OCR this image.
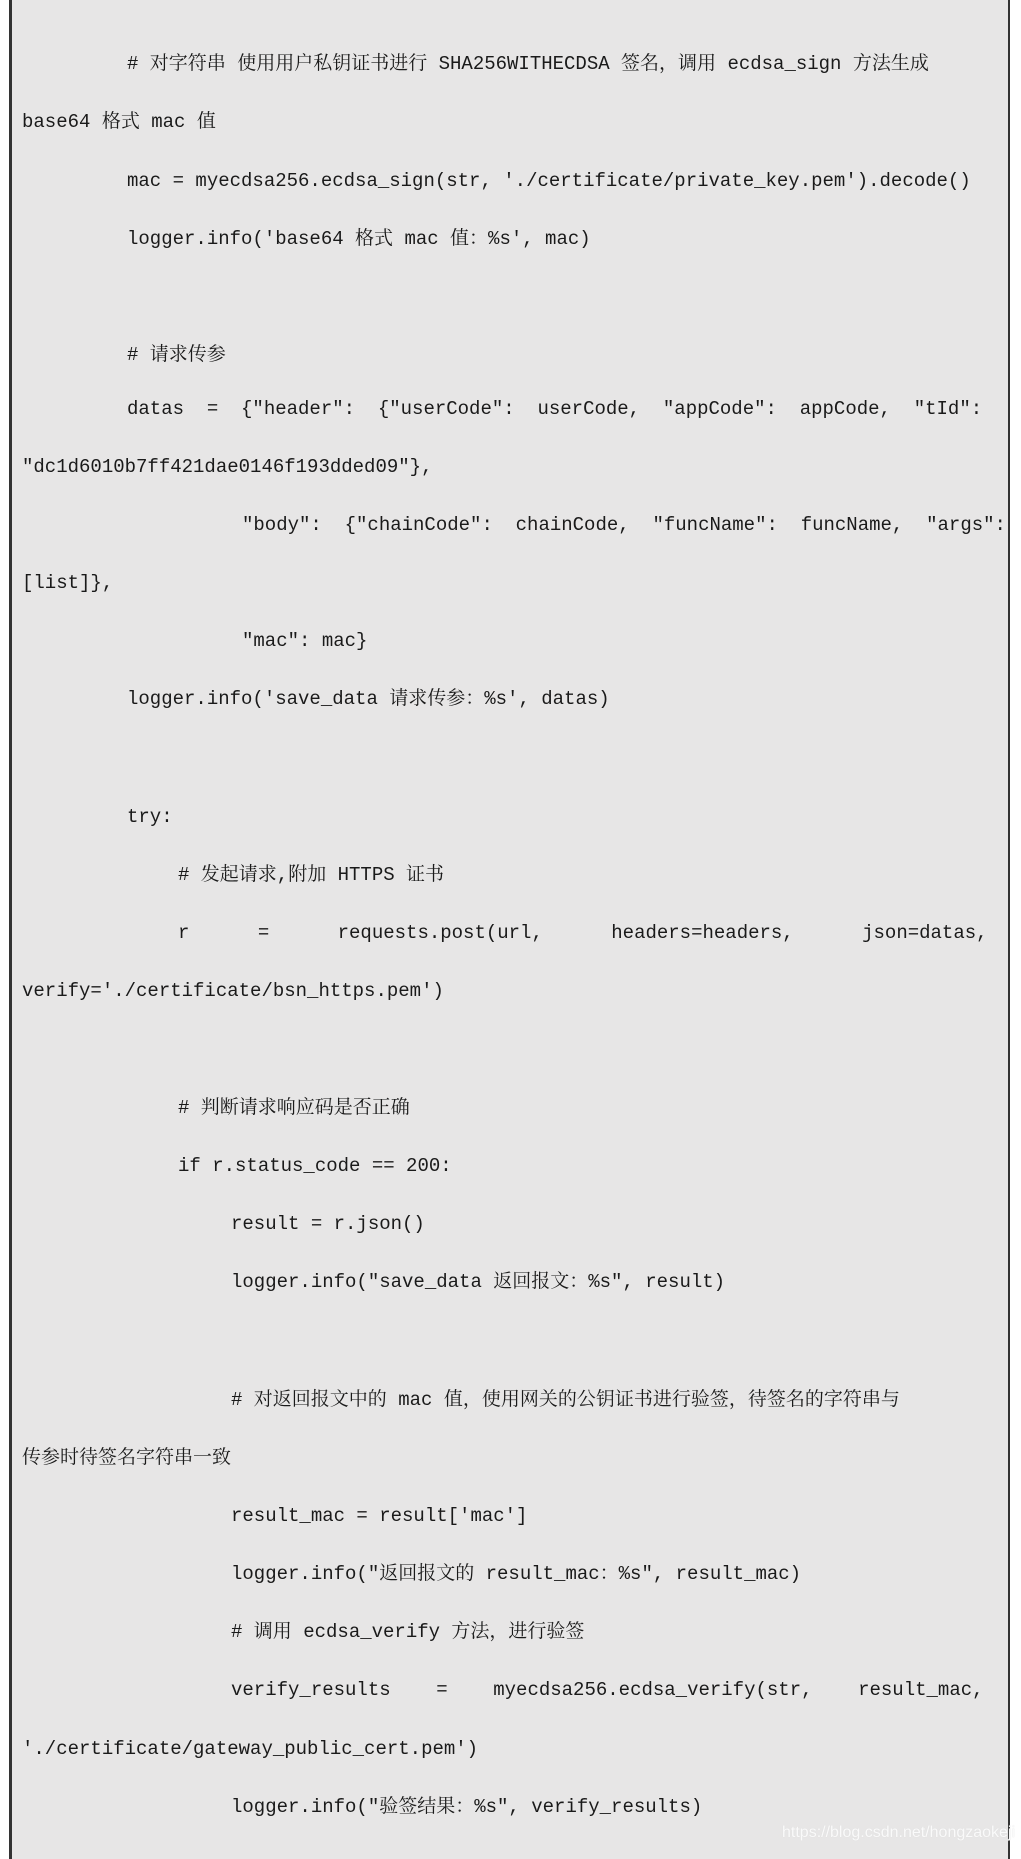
# 对字符串 使用用户私钥证书进行 SHA256WITHECDSA 签名，调用 ecdsa_sign 方法生成
base64 格式 mac 值
mac = myecdsa256.ecdsa_sign(str, './certificate/private_key.pem').decode()
logger.info('base64 格式 mac 值：%s', mac)
# 请求传参
datas  =  {"header":  {"userCode":  userCode,  "appCode":  appCode,  "tId":
"dc1d6010b7ff421dae0146f193dded09"},
"body":  {"chainCode":  chainCode,  "funcName":  funcName,  "args":
[list]},
"mac": mac}
logger.info('save_data 请求传参：%s', datas)
try:
# 发起请求,附加 HTTPS 证书
r      =      requests.post(url,      headers=headers,      json=datas,
verify='./certificate/bsn_https.pem')
# 判断请求响应码是否正确
if r.status_code == 200:
result = r.json()
logger.info("save_data 返回报文：%s", result)
# 对返回报文中的 mac 值，使用网关的公钥证书进行验签，待签名的字符串与
传参时待签名字符串一致
result_mac = result['mac']
logger.info("返回报文的 result_mac：%s", result_mac)
# 调用 ecdsa_verify 方法，进行验签
verify_results    =    myecdsa256.ecdsa_verify(str,    result_mac,
'./certificate/gateway_public_cert.pem')
logger.info("验签结果：%s", verify_results)
https://blog.csdn.net/hongzaokeji
